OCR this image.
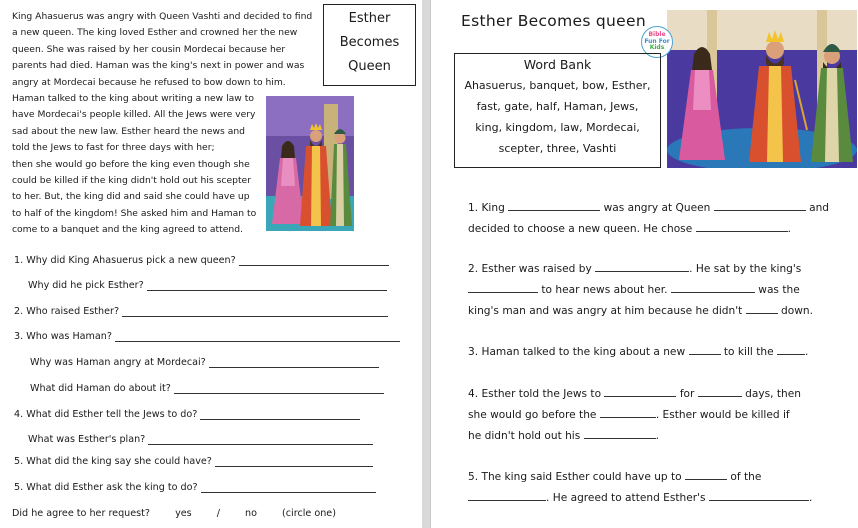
King Ahasuerus was angry with Queen Vashti and decided to find
a new queen. The king loved Esther and crowned her the new
queen. She was raised by her cousin Mordecai because her
parents had died. Haman was the king's next in power and was
angry at Mordecai because he refused to bow down to him.
Haman talked to the king about writing a new law to
have Mordecai's people killed. All the Jews were very
sad about the new law. Esther heard the news and
told the Jews to fast for three days with her;
then she would go before the king even though she
could be killed if the king didn't hold out his scepter
to her. But, the king did and said she could have up
to half of the kingdom! She asked him and Haman to
come to a banquet and the king agreed to attend.
Esther
Becomes
Queen
1. Why did King Ahasuerus pick a new queen?
Why did he pick Esther?
2. Who raised Esther?
3. Who was Haman?
Why was Haman angry at Mordecai?
What did Haman do about it?
4. What did Esther tell the Jews to do?
What was Esther's plan?
5. What did the king say she could have?
5. What did Esther ask the king to do?
Did he agree to her request?	yes	/	no	(circle one)
Esther Becomes queen
Bible
Fun For
Kids
Word Bank
Ahasuerus, banquet, bow, Esther,
fast, gate, half, Haman, Jews,
king, kingdom, law, Mordecai,
scepter, three, Vashti
1. King	was angry at Queen	and
decided to choose a new queen. He chose	.
2. Esther was raised by	. He sat by the king's
to hear news about her.	was the
king's man and was angry at him because he didn't	down.
3. Haman talked to the king about a new	to kill the	.
4. Esther told the Jews to	for	days, then
she would go before the	. Esther would be killed if
he didn't hold out his	.
5. The king said Esther could have up to	of the
. He agreed to attend Esther's	.
